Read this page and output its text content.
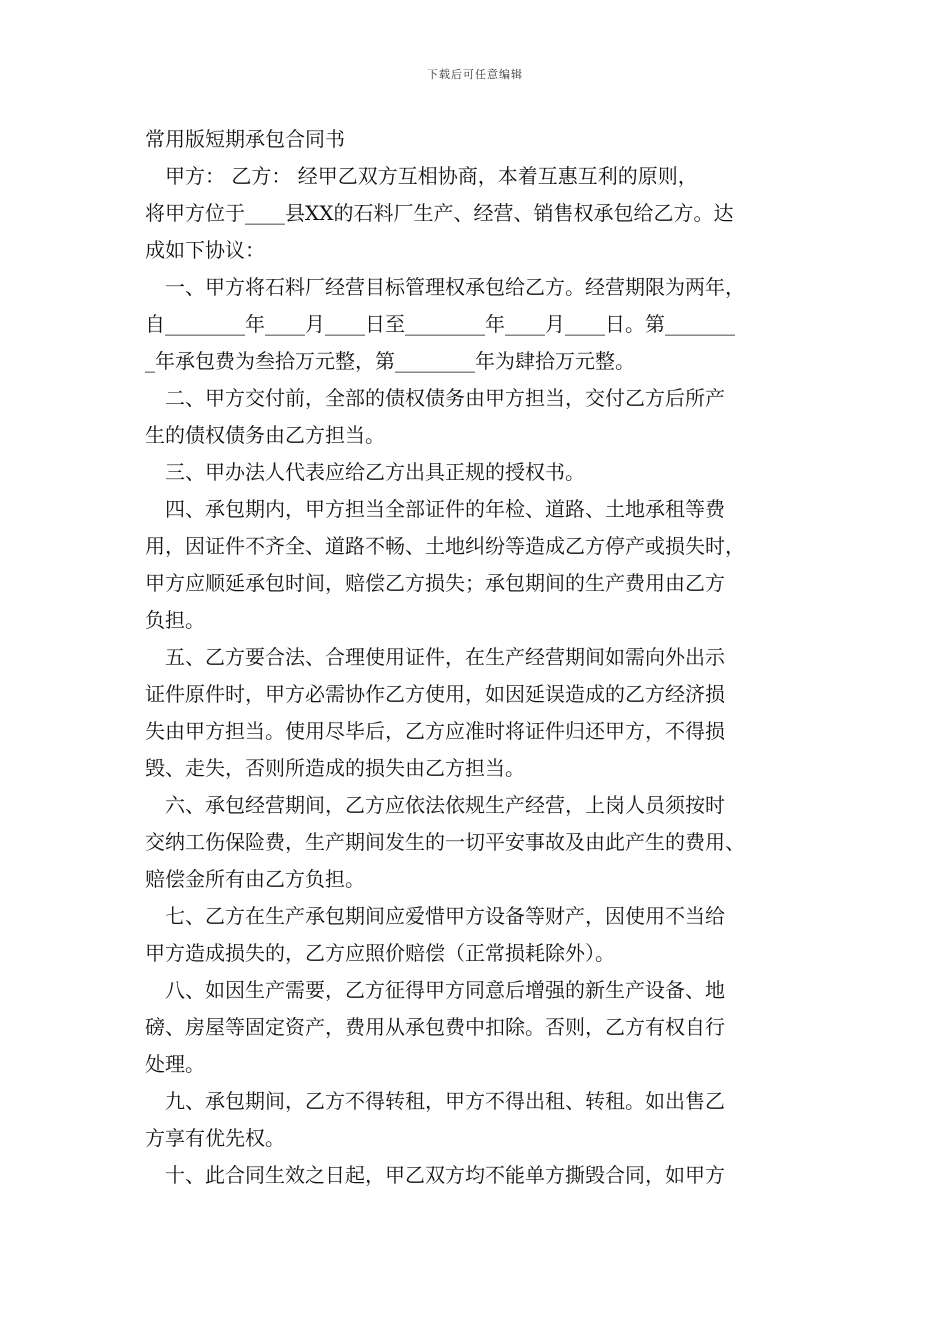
下载后可任意编辑

常用版短期承包合同书

甲方： 乙方： 经甲乙双方互相协商，本着互惠互利的原则，

将甲方位于____县XX的石料厂生产、经营、销售权承包给乙方。达

成如下协议：

一、甲方将石料厂经营目标管理权承包给乙方。经营期限为两年，

自________年____月____日至________年____月____日。第_______

_年承包费为叁拾万元整，第________年为肆拾万元整。

二、甲方交付前，全部的债权债务由甲方担当，交付乙方后所产

生的债权债务由乙方担当。

三、甲办法人代表应给乙方出具正规的授权书。

四、承包期内，甲方担当全部证件的年检、道路、土地承租等费

用，因证件不齐全、道路不畅、土地纠纷等造成乙方停产或损失时，

甲方应顺延承包时间，赔偿乙方损失；承包期间的生产费用由乙方

负担。

五、乙方要合法、合理使用证件，在生产经营期间如需向外出示

证件原件时，甲方必需协作乙方使用，如因延误造成的乙方经济损

失由甲方担当。使用尽毕后，乙方应准时将证件归还甲方，不得损

毁、走失，否则所造成的损失由乙方担当。

六、承包经营期间，乙方应依法依规生产经营，上岗人员须按时

交纳工伤保险费，生产期间发生的一切平安事故及由此产生的费用、

赔偿金所有由乙方负担。

七、乙方在生产承包期间应爱惜甲方设备等财产，因使用不当给

甲方造成损失的，乙方应照价赔偿（正常损耗除外）。

八、如因生产需要，乙方征得甲方同意后增强的新生产设备、地

磅、房屋等固定资产，费用从承包费中扣除。否则，乙方有权自行

处理。

九、承包期间，乙方不得转租，甲方不得出租、转租。如出售乙

方享有优先权。

十、此合同生效之日起，甲乙双方均不能单方撕毁合同，如甲方
